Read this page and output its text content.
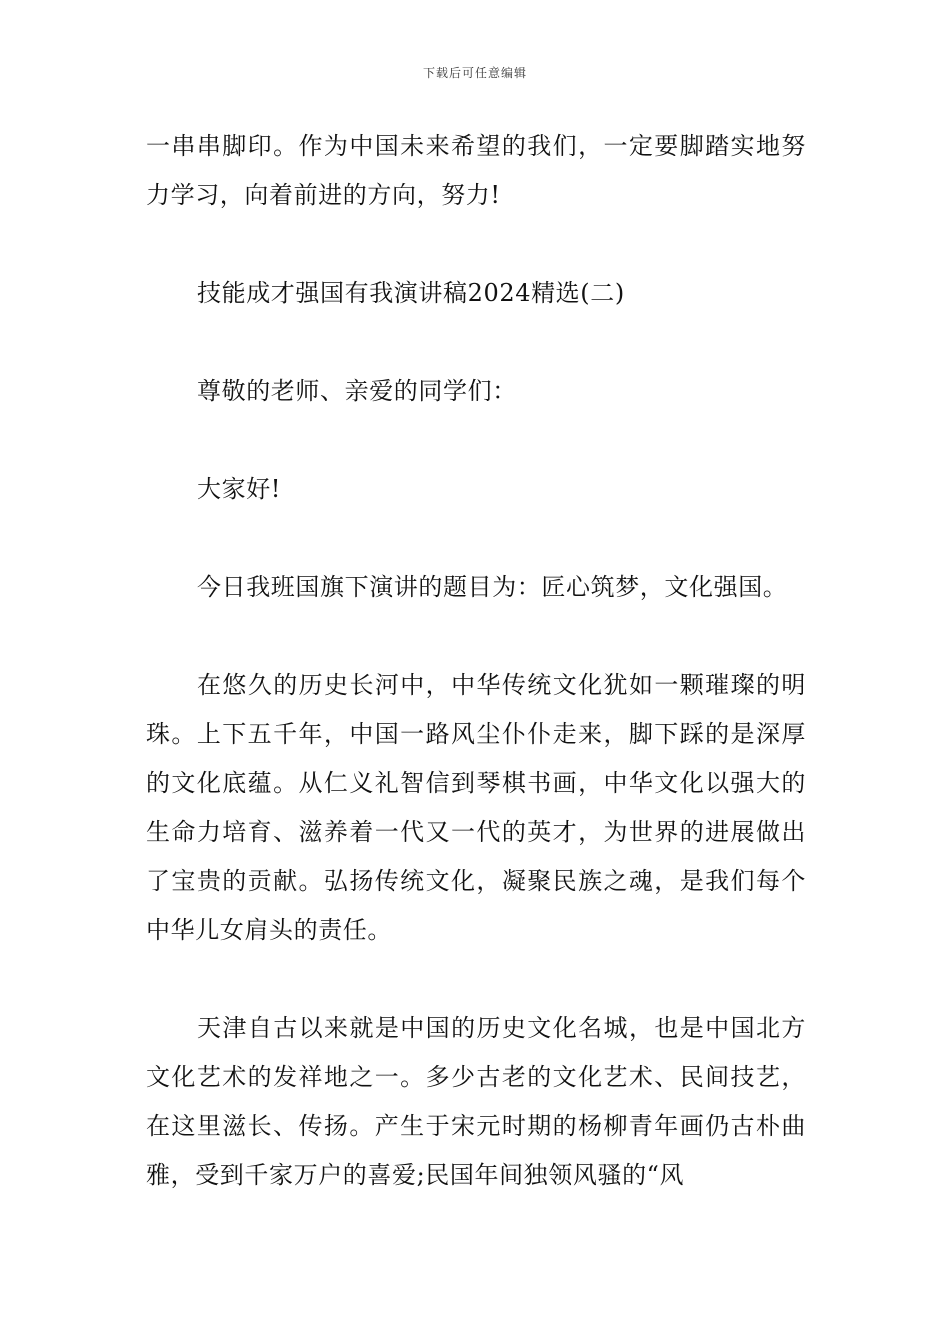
下载后可任意编辑

一串串脚印。作为中国未来希望的我们，一定要脚踏实地努力学习，向着前进的方向，努力!

技能成才强国有我演讲稿2024精选(二)

尊敬的老师、亲爱的同学们：

大家好!

今日我班国旗下演讲的题目为：匠心筑梦，文化强国。

在悠久的历史长河中，中华传统文化犹如一颗璀璨的明珠。上下五千年，中国一路风尘仆仆走来，脚下踩的是深厚的文化底蕴。从仁义礼智信到琴棋书画，中华文化以强大的生命力培育、滋养着一代又一代的英才，为世界的进展做出了宝贵的贡献。弘扬传统文化，凝聚民族之魂，是我们每个中华儿女肩头的责任。

天津自古以来就是中国的历史文化名城，也是中国北方文化艺术的发祥地之一。多少古老的文化艺术、民间技艺，在这里滋长、传扬。产生于宋元时期的杨柳青年画仍古朴曲雅，受到千家万户的喜爱;民国年间独领风骚的“风
